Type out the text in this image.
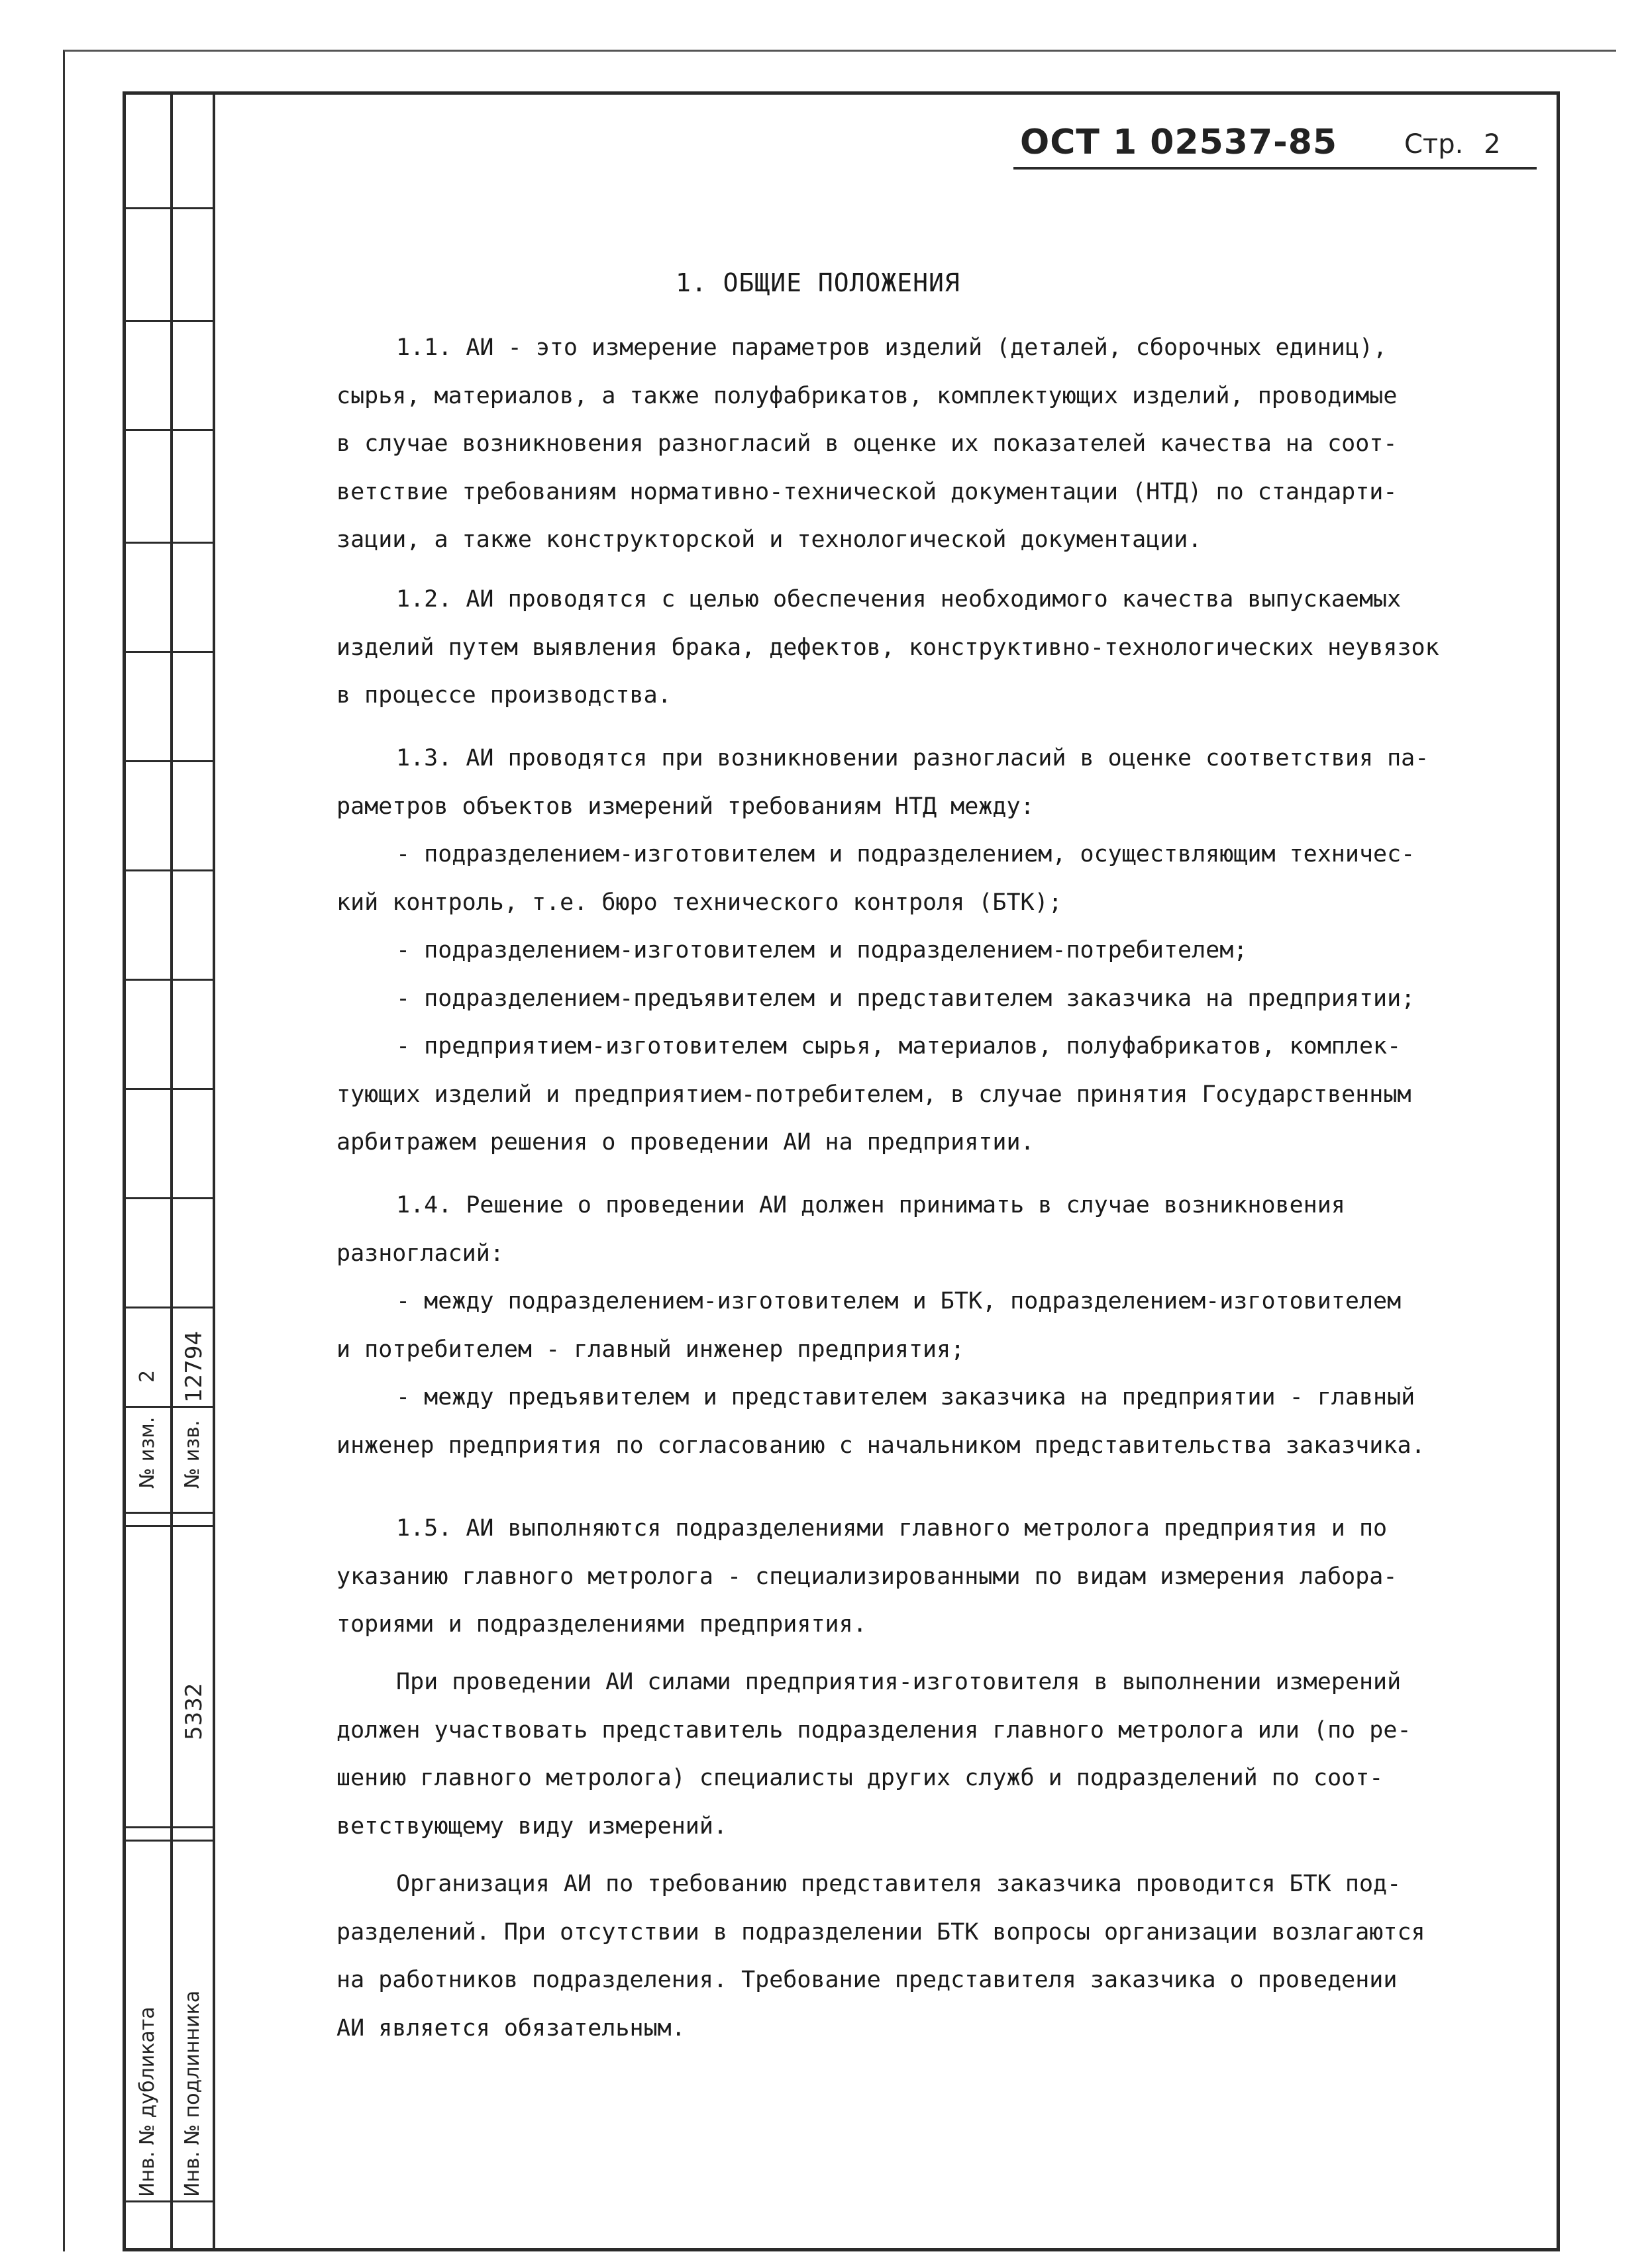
№ изм.
2
№ изв.
12794
5332
Инв. № дубликата Инв. № подлинника
ОСТ 1 02537-85	Стр. 2
1. ОБЩИЕ ПОЛОЖЕНИЯ
1.1. АИ - это измерение параметров изделий (деталей, сборочных единиц),
сырья, материалов, а также полуфабрикатов, комплектующих изделий, проводимые
в случае возникновения разногласий в оценке их показателей качества на соот-
ветствие требованиям нормативно-технической документации (НТД) по стандарти-
зации, а также конструкторской и технологической документации.
1.2. АИ проводятся с целью обеспечения необходимого качества выпускаемых
изделий путем выявления брака, дефектов, конструктивно-технологических неувязок
в процессе производства.
1.3. АИ проводятся при возникновении разногласий в оценке соответствия па-
раметров объектов измерений требованиям НТД между:
- подразделением-изготовителем и подразделением, осуществляющим техничес-
кий контроль, т.е. бюро технического контроля (БТК);
- подразделением-изготовителем и подразделением-потребителем;
- подразделением-предъявителем и представителем заказчика на предприятии;
- предприятием-изготовителем сырья, материалов, полуфабрикатов, комплек-
тующих изделий и предприятием-потребителем, в случае принятия Государственным
арбитражем решения о проведении АИ на предприятии.
1.4. Решение о проведении АИ должен принимать в случае возникновения
разногласий:
- между подразделением-изготовителем и БТК, подразделением-изготовителем
и потребителем - главный инженер предприятия;
- между предъявителем и представителем заказчика на предприятии - главный
инженер предприятия по согласованию с начальником представительства заказчика.
1.5. АИ выполняются подразделениями главного метролога предприятия и по
указанию главного метролога - специализированными по видам измерения лабора-
ториями и подразделениями предприятия.
При проведении АИ силами предприятия-изготовителя в выполнении измерений
должен участвовать представитель подразделения главного метролога или (по ре-
шению главного метролога) специалисты других служб и подразделений по соот-
ветствующему виду измерений.
Организация АИ по требованию представителя заказчика проводится БТК под-
разделений. При отсутствии в подразделении БТК вопросы организации возлагаются
на работников подразделения. Требование представителя заказчика о проведении
АИ является обязательным.
